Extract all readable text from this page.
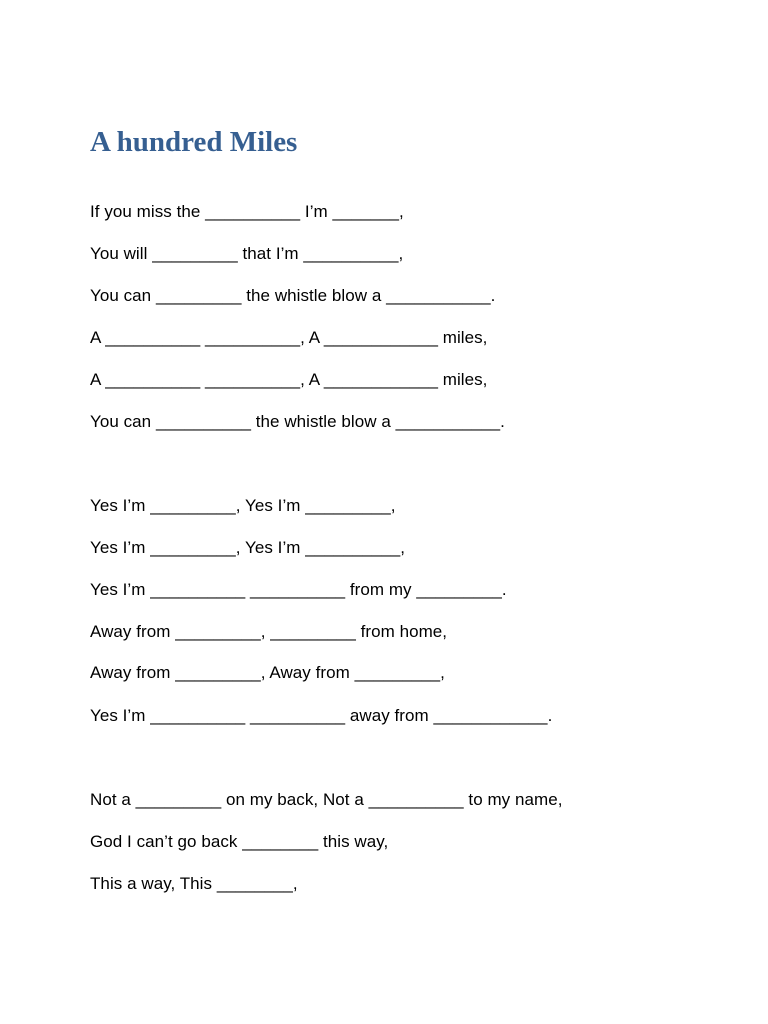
A hundred Miles

If you miss the __________ I’m _______,

You will _________ that I’m __________,

You can _________ the whistle blow a ___________.

A __________ __________, A ____________ miles,

A __________ __________, A ____________ miles,

You can __________ the whistle blow a ___________.

Yes I’m _________, Yes I’m _________,

Yes I’m _________, Yes I’m __________,

Yes I’m __________ __________ from my _________.

Away from _________, _________ from home,

Away from _________, Away from _________,

Yes I’m __________ __________ away from ____________.

Not a _________ on my back, Not a __________ to my name,

God I can’t go back ________ this way,

This a way, This ________,
